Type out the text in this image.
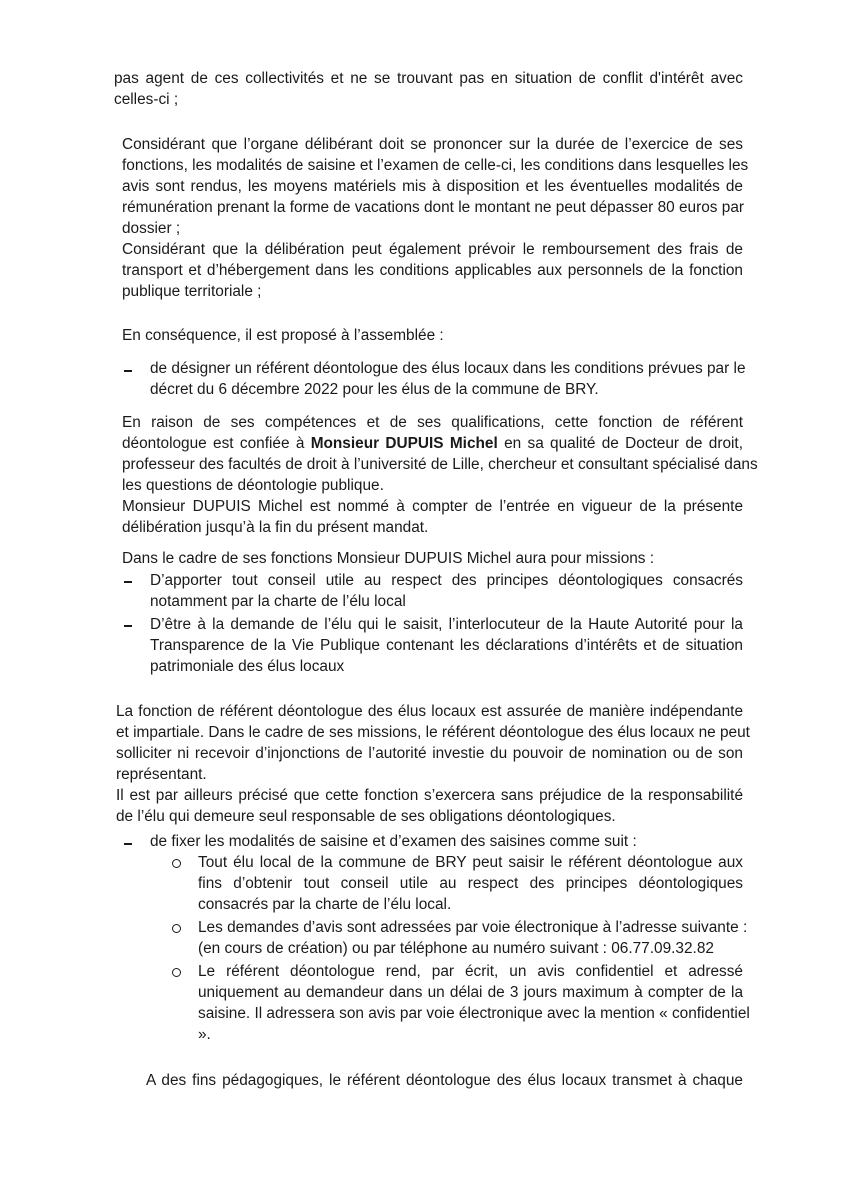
pas agent de ces collectivités et ne se trouvant pas en situation de conflit d'intérêt avec
celles-ci ;

Considérant que l’organe délibérant doit se prononcer sur la durée de l’exercice de ses
fonctions, les modalités de saisine et l’examen de celle-ci, les conditions dans lesquelles les
avis sont rendus, les moyens matériels mis à disposition et les éventuelles modalités de
rémunération prenant la forme de vacations dont le montant ne peut dépasser 80 euros par
dossier ;

Considérant que la délibération peut également prévoir le remboursement des frais de
transport et d’hébergement dans les conditions applicables aux personnels de la fonction
publique territoriale ;

En conséquence, il est proposé à l’assemblée :

de désigner un référent déontologue des élus locaux dans les conditions prévues par le
décret du 6 décembre 2022 pour les élus de la commune de BRY.

En raison de ses compétences et de ses qualifications, cette fonction de référent
déontologue est confiée à Monsieur DUPUIS Michel en sa qualité de Docteur de droit,
professeur des facultés de droit à l’université de Lille, chercheur et consultant spécialisé dans
les questions de déontologie publique.
Monsieur DUPUIS Michel est nommé à compter de l’entrée en vigueur de la présente
délibération jusqu’à la fin du présent mandat.

Dans le cadre de ses fonctions Monsieur DUPUIS Michel aura pour missions :

D’apporter tout conseil utile au respect des principes déontologiques consacrés
notamment par la charte de l’élu local

D’être à la demande de l’élu qui le saisit, l’interlocuteur de la Haute Autorité pour la
Transparence de la Vie Publique contenant les déclarations d’intérêts et de situation
patrimoniale des élus locaux

La fonction de référent déontologue des élus locaux est assurée de manière indépendante
et impartiale. Dans le cadre de ses missions, le référent déontologue des élus locaux ne peut
solliciter ni recevoir d’injonctions de l’autorité investie du pouvoir de nomination ou de son
représentant.
Il est par ailleurs précisé que cette fonction s’exercera sans préjudice de la responsabilité
de l’élu qui demeure seul responsable de ses obligations déontologiques.

de fixer les modalités de saisine et d’examen des saisines comme suit :

Tout élu local de la commune de BRY peut saisir le référent déontologue aux
fins d’obtenir tout conseil utile au respect des principes déontologiques
consacrés par la charte de l’élu local.

Les demandes d’avis sont adressées par voie électronique à l’adresse suivante :
(en cours de création) ou par téléphone au numéro suivant : 06.77.09.32.82

Le référent déontologue rend, par écrit, un avis confidentiel et adressé
uniquement au demandeur dans un délai de 3 jours maximum à compter de la
saisine. Il adressera son avis par voie électronique avec la mention « confidentiel
».

A des fins pédagogiques, le référent déontologue des élus locaux transmet à chaque
